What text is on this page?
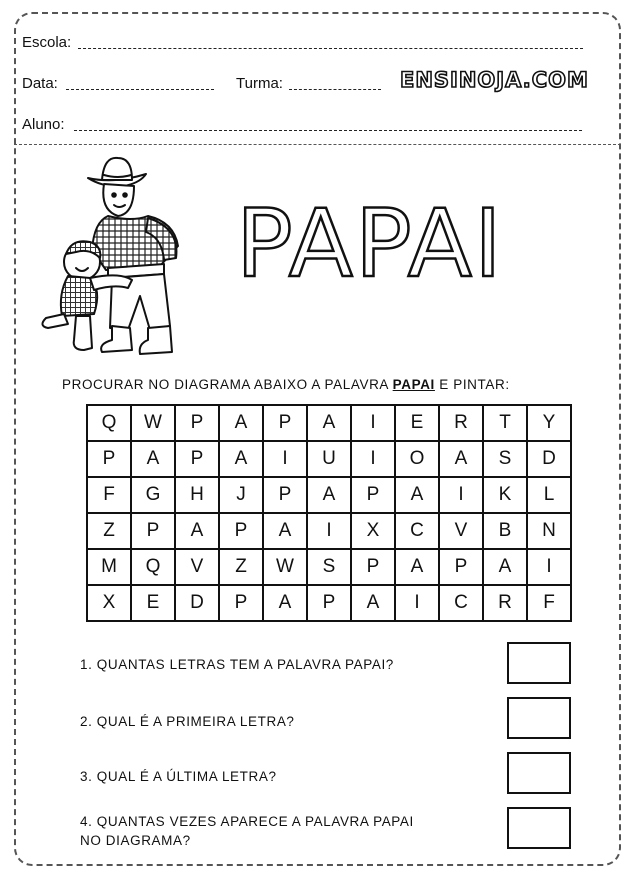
Escola:
Data:	Turma:	ENSINOJA.COM
Aluno:
PAPAI
PROCURAR NO DIAGRAMA ABAIXO A PALAVRA PAPAI E PINTAR:
Q	W	P	A	P	A	I	E	R	T	Y
P	A	P	A	I	U	I	O	A	S	D
F	G	H	J	P	A	P	A	I	K	L
Z	P	A	P	A	I	X	C	V	B	N
M	Q	V	Z	W	S	P	A	P	A	I
X	E	D	P	A	P	A	I	C	R	F
1. QUANTAS LETRAS TEM A PALAVRA PAPAI?
2. QUAL É A PRIMEIRA LETRA?
3. QUAL É A ÚLTIMA LETRA?
4. QUANTAS VEZES APARECE A PALAVRA PAPAI
NO DIAGRAMA?
